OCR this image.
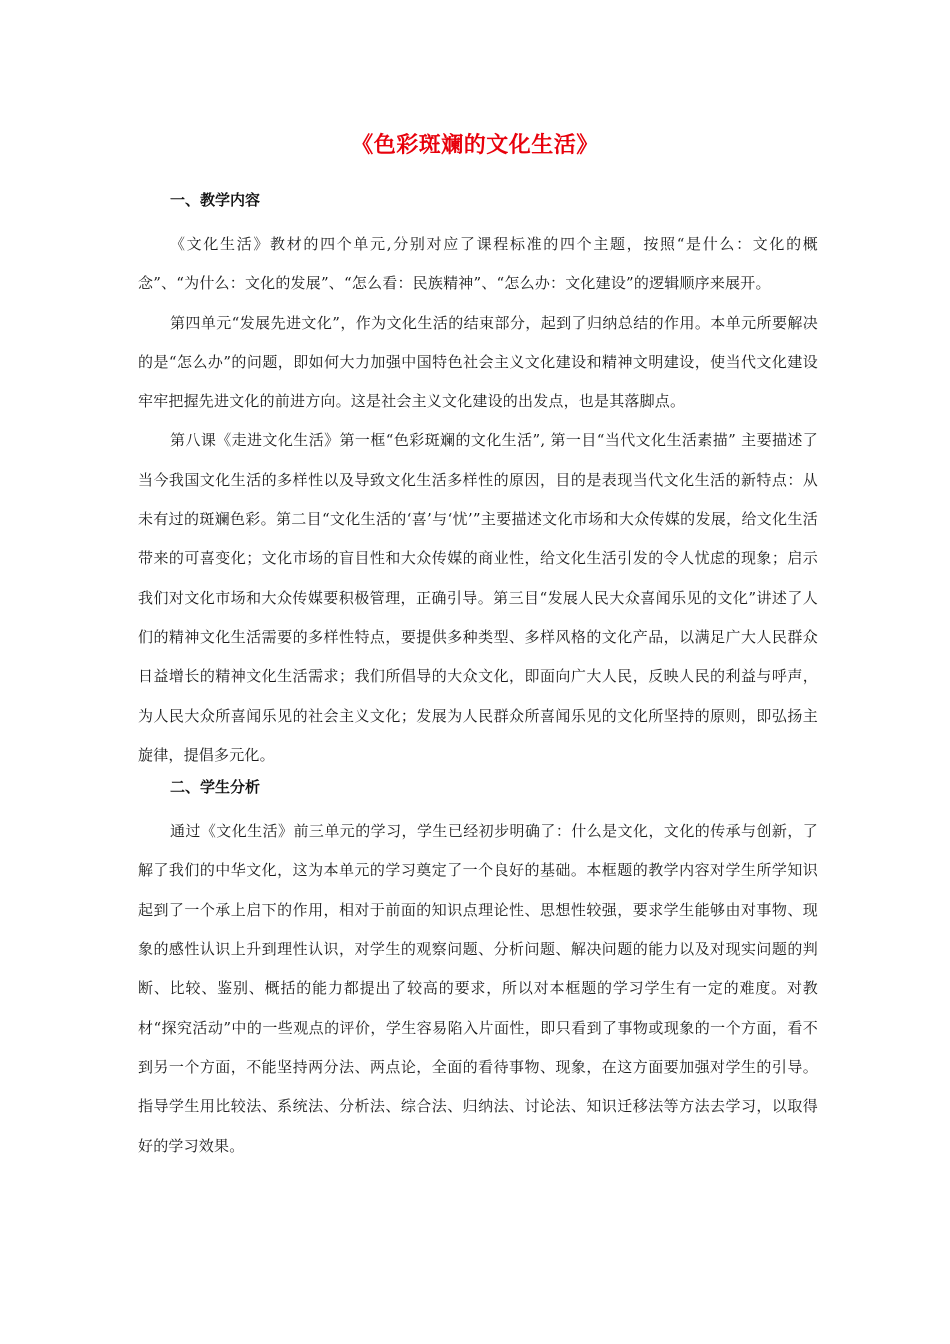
《色彩斑斓的文化生活》
一、教学内容

《文化生活》教材的四个单元,分别对应了课程标准的四个主题，按照“是什么：文化的概念”、“为什么：文化的发展”、“怎么看：民族精神”、“怎么办：文化建设”的逻辑顺序来展开。

第四单元“发展先进文化”，作为文化生活的结束部分，起到了归纳总结的作用。本单元所要解决的是“怎么办”的问题，即如何大力加强中国特色社会主义文化建设和精神文明建设，使当代文化建设牢牢把握先进文化的前进方向。这是社会主义文化建设的出发点，也是其落脚点。

第八课《走进文化生活》第一框“色彩斑斓的文化生活”, 第一目“当代文化生活素描” 主要描述了当今我国文化生活的多样性以及导致文化生活多样性的原因，目的是表现当代文化生活的新特点：从未有过的斑斓色彩。第二目“文化生活的‘喜’与‘忧’”主要描述文化市场和大众传媒的发展，给文化生活带来的可喜变化；文化市场的盲目性和大众传媒的商业性，给文化生活引发的令人忧虑的现象；启示我们对文化市场和大众传媒要积极管理，正确引导。第三目“发展人民大众喜闻乐见的文化”讲述了人们的精神文化生活需要的多样性特点，要提供多种类型、多样风格的文化产品，以满足广大人民群众日益增长的精神文化生活需求；我们所倡导的大众文化，即面向广大人民，反映人民的利益与呼声，为人民大众所喜闻乐见的社会主义文化；发展为人民群众所喜闻乐见的文化所坚持的原则，即弘扬主旋律，提倡多元化。

二、学生分析

通过《文化生活》前三单元的学习，学生已经初步明确了：什么是文化，文化的传承与创新，了解了我们的中华文化，这为本单元的学习奠定了一个良好的基础。本框题的教学内容对学生所学知识起到了一个承上启下的作用，相对于前面的知识点理论性、思想性较强，要求学生能够由对事物、现象的感性认识上升到理性认识，对学生的观察问题、分析问题、解决问题的能力以及对现实问题的判断、比较、鉴别、概括的能力都提出了较高的要求，所以对本框题的学习学生有一定的难度。对教材“探究活动”中的一些观点的评价，学生容易陷入片面性，即只看到了事物或现象的一个方面，看不到另一个方面，不能坚持两分法、两点论，全面的看待事物、现象，在这方面要加强对学生的引导。指导学生用比较法、系统法、分析法、综合法、归纳法、讨论法、知识迁移法等方法去学习，以取得好的学习效果。
